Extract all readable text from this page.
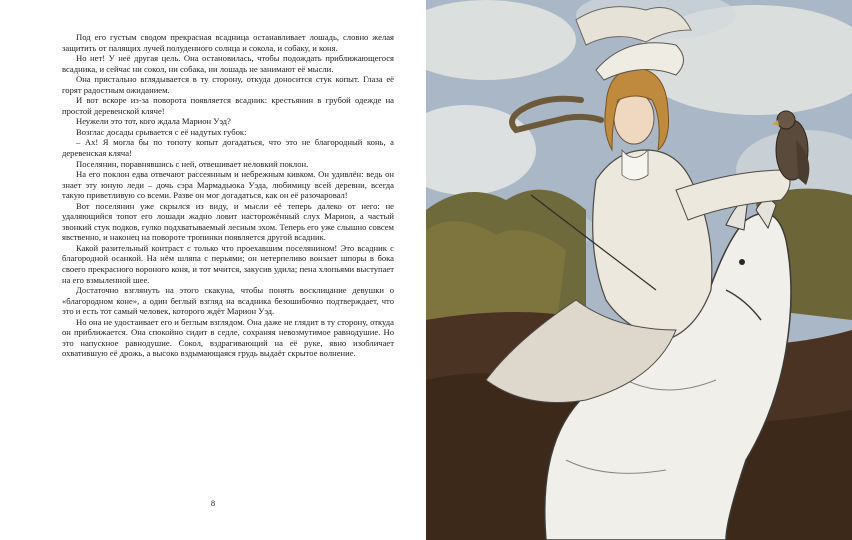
Под его густым сводом прекрасная всадница останавливает лошадь, словно желая защитить от палящих лучей полуденного солнца и сокола, и собаку, и коня.

Но нет! У неё другая цель. Она остановилась, чтобы подождать приближающегося всадника, и сейчас ни сокол, ни собака, ни лошадь не занимают её мысли.

Она пристально вглядывается в ту сторону, откуда доносится стук копыт. Глаза её горят радостным ожиданием.

И вот вскоре из-за поворота появляется всадник: крестьянин в грубой одежде на простой деревенской кляче!

Неужели это тот, кого ждала Марион Уэд?

Возглас досады срывается с её надутых губок:

– Ах! Я могла бы по топоту копыт догадаться, что это не благородный конь, а деревенская кляча!

Поселянин, поравнявшись с ней, отвешивает неловкий поклон.

На его поклон едва отвечают рассеянным и небрежным кивком. Он удивлён: ведь он знает эту юную леди – дочь сэра Мармадьюка Уэда, любимицу всей деревни, всегда такую приветливую со всеми. Разве он мог догадаться, как он её разочаровал!

Вот поселянин уже скрылся из виду, и мысли её теперь далеко от него: не удаляющийся топот его лошади жадно ловит насторожённый слух Марион, а частый звонкий стук подков, гулко подхватываемый лесным эхом. Теперь его уже слышно совсем явственно, и наконец на повороте тропинки появляется другой всадник.

Какой разительный контраст с только что проехавшим поселянином! Это всадник с благородной осанкой. На нём шляпа с перьями; он нетерпеливо вонзает шпоры в бока своего прекрасного вороного коня, и тот мчится, закусив удила; пена хлопьями выступает на его взмыленной шее.

Достаточно взглянуть на этого скакуна, чтобы понять восклицание девушки о «благородном коне», а один беглый взгляд на всадника безошибочно подтверждает, что это и есть тот самый человек, которого ждёт Марион Уэд.

Но она не удостаивает его и беглым взглядом. Она даже не глядит в ту сторону, откуда он приближается. Она спокойно сидит в седле, сохраняя невозмутимое равнодушие. Но это напускное равнодушие. Сокол, вздрагивающий на её руке, явно изобличает охватившую её дрожь, а высоко вздымающаяся грудь выдаёт скрытое волнение.

8
